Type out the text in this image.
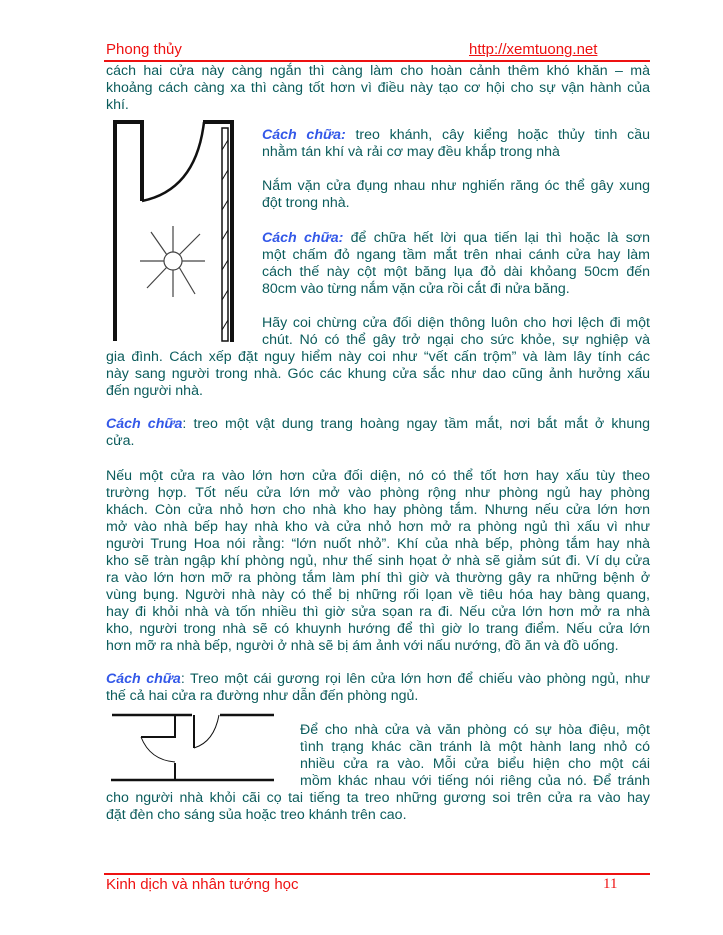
Phong thủy	http://xemtuong.net
cách hai cửa này càng ngắn thì càng làm cho hoàn cảnh thêm khó khăn – mà
khoảng cách càng xa thì càng tốt hơn vì điều này tạo cơ hội cho sự vận hành của
khí.
Cách chữa: treo khánh, cây kiểng hoặc thủy tinh cầu
nhằm tán khí và rải cơ may đều khắp trong nhà
Nắm vặn cửa đụng nhau như nghiến răng óc thể gây xung
đột trong nhà.
Cách chữa: để chữa hết lời qua tiến lại thì hoặc là sơn
một chấm đỏ ngang tầm mắt trên nhai cánh cửa hay làm
cách thế này cột một băng lụa đỏ dài khỏang 50cm đến
80cm vào từng nắm vặn cửa rồi cắt đi nửa băng.
Hãy coi chừng cửa đối diện thông luôn cho hơi lệch đi một
chút. Nó có thể gây trở ngại cho sức khỏe, sự nghiệp và
gia đình. Cách xếp đặt nguy hiểm này coi như “vết cấn trộm” và làm lây tính các
này sang người trong nhà. Góc các khung cửa sắc như dao cũng ảnh hưởng xấu
đến người nhà.
Cách chữa: treo một vật dung trang hoàng ngay tầm mắt, nơi bắt mắt ở khung
cửa.
Nếu một cửa ra vào lớn hơn cửa đối diện, nó có thể tốt hơn hay xấu tùy theo
trường hợp. Tốt nếu cửa lớn mở vào phòng rộng như phòng ngủ hay phòng
khách. Còn cửa nhỏ hơn cho nhà kho hay phòng tắm. Nhưng nếu cửa lớn hơn
mở vào nhà bếp hay nhà kho và cửa nhỏ hơn mở ra phòng ngủ thì xấu vì như
người Trung Hoa nói rằng: “lớn nuốt nhỏ”. Khí của nhà bếp, phòng tắm hay nhà
kho sẽ tràn ngập khí phòng ngủ, như thế sinh họat ở nhà sẽ giảm sút đi. Ví dụ cửa
ra vào lớn hơn mỡ ra phòng tắm làm phí thì giờ và thường gây ra những bệnh ở
vùng bụng. Người nhà này có thể bị những rối lọan về tiêu hóa hay bàng quang,
hay đi khỏi nhà và tốn nhiều thì giờ sửa sọan ra đi. Nếu cửa lớn hơn mở ra nhà
kho, người trong nhà sẽ có khuynh hướng để thì giờ lo trang điểm. Nếu cửa lớn
hơn mỡ ra nhà bếp, người ở nhà sẽ bị ám ảnh với nấu nướng, đồ ăn và đồ uống.
Cách chữa: Treo một cái gương rọi lên cửa lớn hơn để chiếu vào phòng ngủ, như
thế cả hai cửa ra đường như dẫn đến phòng ngủ.
Để cho nhà cửa và văn phòng có sự hòa điệu, một
tình trạng khác cần tránh là một hành lang nhỏ có
nhiều cửa ra vào. Mỗi cửa biểu hiện cho một cái
mồm khác nhau với tiếng nói riêng của nó. Để tránh
cho người nhà khỏi cãi cọ tai tiếng ta treo những gương soi trên cửa ra vào hay
đặt đèn cho sáng sủa hoặc treo khánh trên cao.
Kinh dịch và nhân tướng học	11
